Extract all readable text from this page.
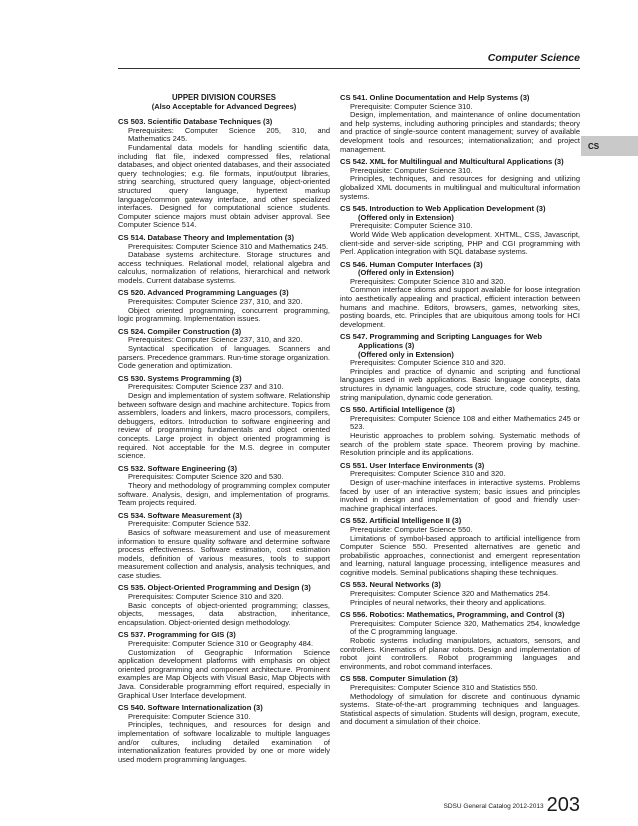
Computer Science
CS
UPPER DIVISION COURSES
(Also Acceptable for Advanced Degrees)
CS 503. Scientific Database Techniques (3)
Prerequisites: Computer Science 205, 310, and Mathematics 245.
Fundamental data models for handling scientific data, including flat file, indexed compressed files, relational databases, and object oriented databases, and their associated query technologies; e.g. file formats, input/output libraries, string searching, structured query language, object-oriented structured query language, hypertext markup language/common gateway interface, and other specialized interfaces. Designed for computational science students. Computer science majors must obtain adviser approval. See Computer Science 514.
CS 514. Database Theory and Implementation (3)
Prerequisites: Computer Science 310 and Mathematics 245.
Database systems architecture. Storage structures and access techniques. Relational model, relational algebra and calculus, normalization of relations, hierarchical and network models. Current database systems.
CS 520. Advanced Programming Languages (3)
Prerequisites: Computer Science 237, 310, and 320.
Object oriented programming, concurrent programming, logic programming. Implementation issues.
CS 524. Compiler Construction (3)
Prerequisites: Computer Science 237, 310, and 320.
Syntactical specification of languages. Scanners and parsers. Precedence grammars. Run-time storage organization. Code generation and optimization.
CS 530. Systems Programming (3)
Prerequisites: Computer Science 237 and 310.
Design and implementation of system software. Relationship between software design and machine architecture. Topics from assemblers, loaders and linkers, macro processors, compilers, debuggers, editors. Introduction to software engineering and review of programming fundamentals and object oriented concepts. Large project in object oriented programming is required. Not acceptable for the M.S. degree in computer science.
CS 532. Software Engineering (3)
Prerequisites: Computer Science 320 and 530.
Theory and methodology of programming complex computer software. Analysis, design, and implementation of programs. Team projects required.
CS 534. Software Measurement (3)
Prerequisite: Computer Science 532.
Basics of software measurement and use of measurement information to ensure quality software and determine software process effectiveness. Software estimation, cost estimation models, definition of various measures, tools to support measurement collection and analysis, analysis techniques, and case studies.
CS 535. Object-Oriented Programming and Design (3)
Prerequisites: Computer Science 310 and 320.
Basic concepts of object-oriented programming; classes, objects, messages, data abstraction, inheritance, encapsulation. Object-oriented design methodology.
CS 537. Programming for GIS (3)
Prerequisite: Computer Science 310 or Geography 484.
Customization of Geographic Information Science application development platforms with emphasis on object oriented programming and component architecture. Prominent examples are Map Objects with Visual Basic, Map Objects with Java. Considerable programming effort required, especially in Graphical User Interface development.
CS 540. Software Internationalization (3)
Prerequisite: Computer Science 310.
Principles, techniques, and resources for design and implementation of software localizable to multiple languages and/or cultures, including detailed examination of internationalization features provided by one or more widely used modern programming languages.
CS 541. Online Documentation and Help Systems (3)
Prerequisite: Computer Science 310.
Design, implementation, and maintenance of online documentation and help systems, including authoring principles and standards; theory and practice of single-source content management; survey of available development tools and resources; internationalization; and project management.
CS 542. XML for Multilingual and Multicultural Applications (3)
Prerequisite: Computer Science 310.
Principles, techniques, and resources for designing and utilizing globalized XML documents in multilingual and multicultural information systems.
CS 545. Introduction to Web Application Development (3)
(Offered only in Extension)
Prerequisite: Computer Science 310.
World Wide Web application development. XHTML, CSS, Javascript, client-side and server-side scripting, PHP and CGI programming with Perl. Application integration with SQL database systems.
CS 546. Human Computer Interfaces (3)
(Offered only in Extension)
Prerequisites: Computer Science 310 and 320.
Common interface idioms and support available for loose integration into aesthetically appealing and practical, efficient interaction between humans and machine. Editors, browsers, games, networking sites, posting boards, etc. Principles that are ubiquitous among tools for HCI development.
CS 547. Programming and Scripting Languages for Web
Applications (3)
(Offered only in Extension)
Prerequisites: Computer Science 310 and 320.
Principles and practice of dynamic and scripting and functional languages used in web applications. Basic language concepts, data structures in dynamic languages, code structure, code quality, testing, string manipulation, dynamic code generation.
CS 550. Artificial Intelligence (3)
Prerequisites: Computer Science 108 and either Mathematics 245 or 523.
Heuristic approaches to problem solving. Systematic methods of search of the problem state space. Theorem proving by machine. Resolution principle and its applications.
CS 551. User Interface Environments (3)
Prerequisites: Computer Science 310 and 320.
Design of user-machine interfaces in interactive systems. Problems faced by user of an interactive system; basic issues and principles involved in design and implementation of good and friendly user-machine graphical interfaces.
CS 552. Artificial Intelligence II (3)
Prerequisite: Computer Science 550.
Limitations of symbol-based approach to artificial intelligence from Computer Science 550. Presented alternatives are genetic and probabilistic approaches, connectionist and emergent representation and learning, natural language processing, intelligence measures and cognitive models. Seminal publications shaping these techniques.
CS 553. Neural Networks (3)
Prerequisites: Computer Science 320 and Mathematics 254.
Principles of neural networks, their theory and applications.
CS 556. Robotics: Mathematics, Programming, and Control (3)
Prerequisites: Computer Science 320, Mathematics 254, knowledge of the C programming language.
Robotic systems including manipulators, actuators, sensors, and controllers. Kinematics of planar robots. Design and implementation of robot joint controllers. Robot programming languages and environments, and robot command interfaces.
CS 558. Computer Simulation (3)
Prerequisites: Computer Science 310 and Statistics 550.
Methodology of simulation for discrete and continuous dynamic systems. State-of-the-art programming techniques and languages. Statistical aspects of simulation. Students will design, program, execute, and document a simulation of their choice.
SDSU General Catalog 2012-2013 203
